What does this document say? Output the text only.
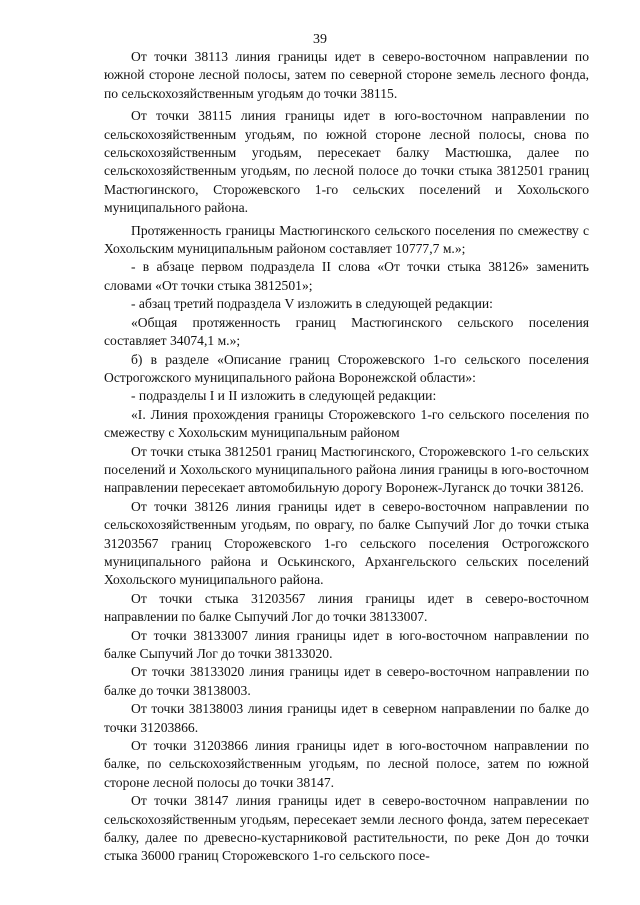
39

От точки 38113 линия границы идет в северо-восточном направлении по южной стороне лесной полосы, затем по северной стороне земель лесного фонда, по сельскохозяйственным угодьям до точки 38115.

От точки 38115 линия границы идет в юго-восточном направлении по сельскохозяйственным угодьям, по южной стороне лесной полосы, снова по сельскохозяйственным угодьям, пересекает балку Мастюшка, далее по сельскохозяйственным угодьям, по лесной полосе до точки стыка 3812501 границ Мастюгинского, Сторожевского 1-го сельских поселений и Хохольского муниципального района.

Протяженность границы Мастюгинского сельского поселения по смежеству с Хохольским муниципальным районом составляет 10777,7 м.»;

- в абзаце первом подраздела II слова «От точки стыка 38126» заменить словами «От точки стыка 3812501»;

- абзац третий подраздела V изложить в следующей редакции:

«Общая протяженность границ Мастюгинского сельского поселения составляет 34074,1 м.»;

б) в разделе «Описание границ Сторожевского 1-го сельского поселения Острогожского муниципального района Воронежской области»:

- подразделы I и II изложить в следующей редакции:

«I. Линия прохождения границы Сторожевского 1-го сельского поселения по смежеству с Хохольским муниципальным районом

От точки стыка 3812501 границ Мастюгинского, Сторожевского 1-го сельских поселений и Хохольского муниципального района линия границы в юго-восточном направлении пересекает автомобильную дорогу Воронеж-Луганск до точки 38126.

От точки 38126 линия границы идет в северо-восточном направлении по сельскохозяйственным угодьям, по оврагу, по балке Сыпучий Лог до точки стыка 31203567 границ Сторожевского 1-го сельского поселения Острогожского муниципального района и Оськинского, Архангельского сельских поселений Хохольского муниципального района.

От точки стыка 31203567 линия границы идет в северо-восточном направлении по балке Сыпучий Лог до точки 38133007.

От точки 38133007 линия границы идет в юго-восточном направлении по балке Сыпучий Лог до точки 38133020.

От точки 38133020 линия границы идет в северо-восточном направлении по балке до точки 38138003.

От точки 38138003 линия границы идет в северном направлении по балке до точки 31203866.

От точки 31203866 линия границы идет в юго-восточном направлении по балке, по сельскохозяйственным угодьям, по лесной полосе, затем по южной стороне лесной полосы до точки 38147.

От точки 38147 линия границы идет в северо-восточном направлении по сельскохозяйственным угодьям, пересекает земли лесного фонда, затем пересекает балку, далее по древесно-кустарниковой растительности, по реке Дон до точки стыка 36000 границ Сторожевского 1-го сельского посе-
